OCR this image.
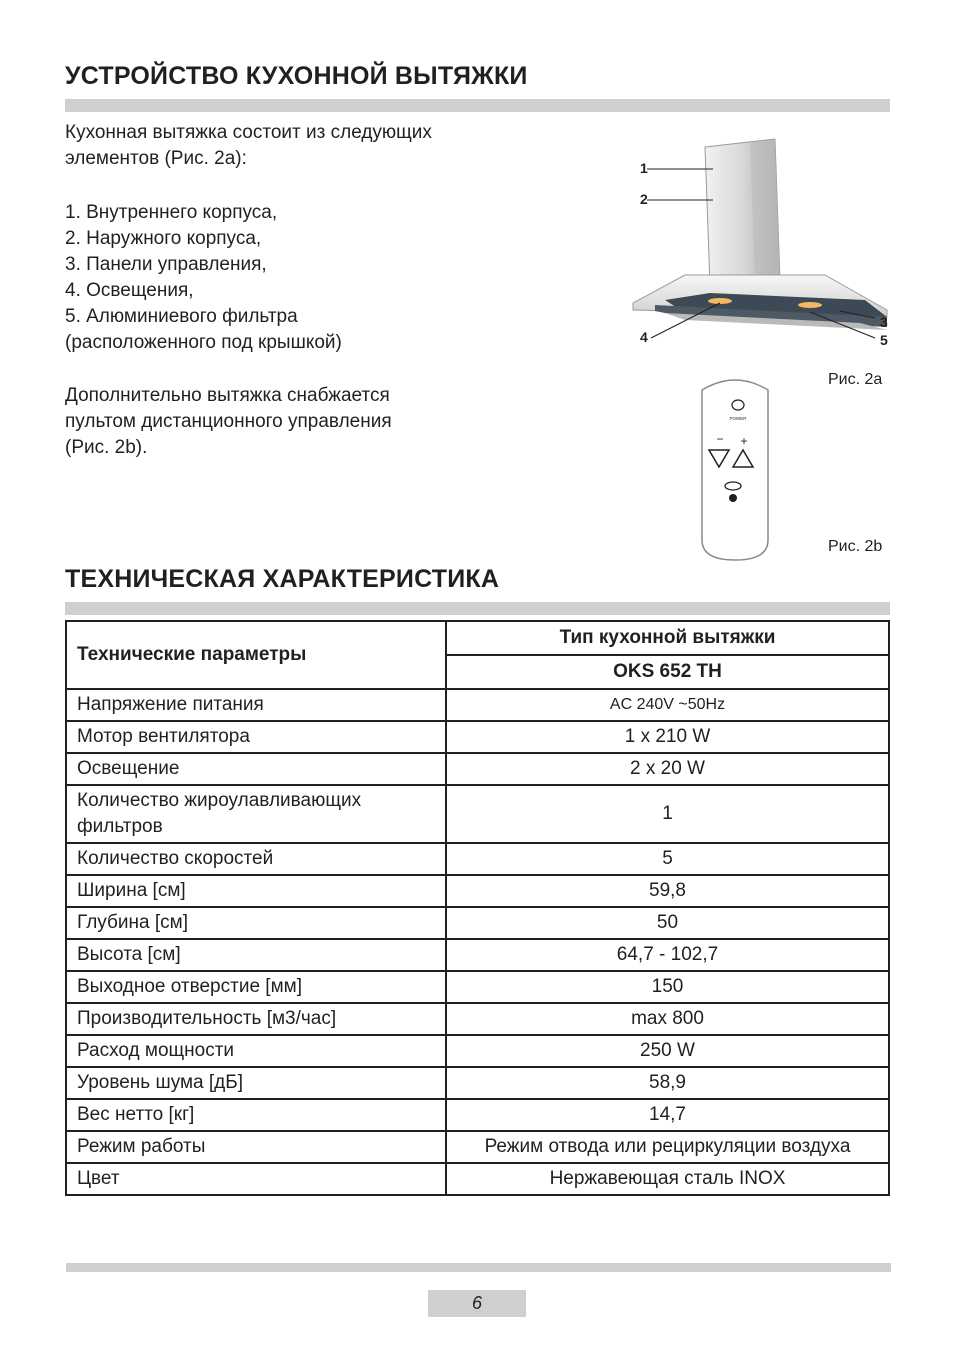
УСТРОЙСТВО КУХОННОЙ ВЫТЯЖКИ
Кухонная вытяжка состоит из следующих
элементов (Рис. 2a):
1. Внутреннего корпуса,
2. Наружного корпуса,
3. Панели управления,
4. Освещения,
5. Алюминиевого фильтра
(расположенного под крышкой)
Дополнительно вытяжка снабжается
пультом дистанционного управления
(Рис. 2b).
1
2
3
4	5
Рис. 2a
POWER
− +
Рис. 2b
ТЕХНИЧЕСКАЯ ХАРАКТЕРИСТИКА
Технические параметры	Тип кухонной вытяжки
	OKS 652 TH
Напряжение питания	AC 240V ~50Hz
Мотор вентилятора	1 x 210 W
Освещение	2 x 20 W
Количество жироулавливающих фильтров	1
Количество скоростей	5
Ширина [см]	59,8
Глубина [см]	50
Высота [см]	64,7 - 102,7
Выходное отверстие [мм]	150
Производительность [м3/час]	max 800
Расход мощности	250 W
Уровень шума [дБ]	58,9
Вес нетто [кг]	14,7
Режим работы	Режим отвода или рециркуляции воздуха
Цвет	Нержавеющая сталь INOX
6
